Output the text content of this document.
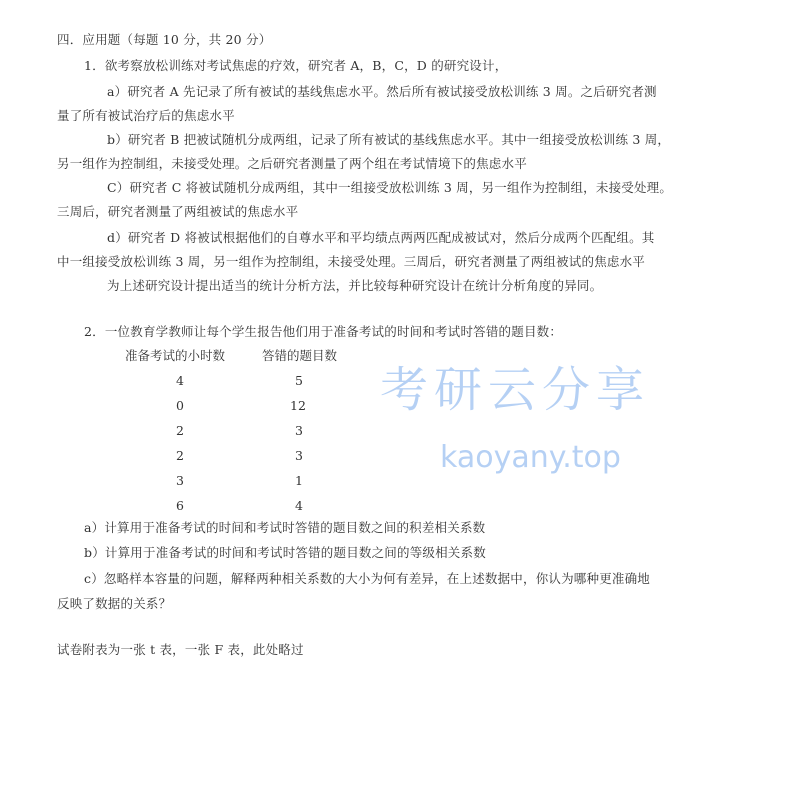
四．应用题（每题 10 分，共 20 分）
1．欲考察放松训练对考试焦虑的疗效，研究者 A，B，C，D 的研究设计，
a）研究者 A 先记录了所有被试的基线焦虑水平。然后所有被试接受放松训练 3 周。之后研究者测
量了所有被试治疗后的焦虑水平
b）研究者 B 把被试随机分成两组，记录了所有被试的基线焦虑水平。其中一组接受放松训练 3 周，
另一组作为控制组，未接受处理。之后研究者测量了两个组在考试情境下的焦虑水平
C）研究者 C 将被试随机分成两组，其中一组接受放松训练 3 周，另一组作为控制组，未接受处理。
三周后，研究者测量了两组被试的焦虑水平
d）研究者 D 将被试根据他们的自尊水平和平均绩点两两匹配成被试对，然后分成两个匹配组。其
中一组接受放松训练 3 周，另一组作为控制组，未接受处理。三周后，研究者测量了两组被试的焦虑水平
为上述研究设计提出适当的统计分析方法，并比较每种研究设计在统计分析角度的异同。
2．一位教育学教师让每个学生报告他们用于准备考试的时间和考试时答错的题目数：
准备考试的小时数	答错的题目数
4	5
0	12
2	3
2	3
3	1
6	4
a）计算用于准备考试的时间和考试时答错的题目数之间的积差相关系数
b）计算用于准备考试的时间和考试时答错的题目数之间的等级相关系数
c）忽略样本容量的问题，解释两种相关系数的大小为何有差异，在上述数据中，你认为哪种更准确地
反映了数据的关系？
试卷附表为一张 t 表，一张 F 表，此处略过
考研云分享
kaoyany.top
